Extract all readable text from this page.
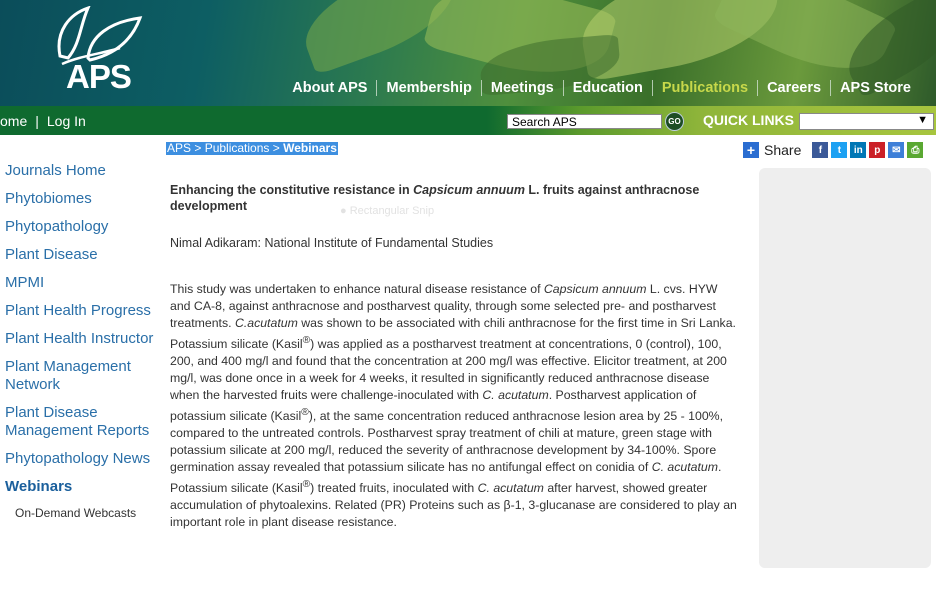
APS	About APS	Membership	Meetings	Education	Publications	Careers	APS Store
ome | Log In
Search APS	GO QUICK LINKS	▼
APS > Publications > Webinars	+ Share	f	t	in	p	✉	⎙
Journals Home
Phytobiomes
Phytopathology
Plant Disease
MPMI
Plant Health Progress
Plant Health Instructor
Plant Management Network
Plant Disease Management Reports
Phytopathology News
Webinars
On-Demand Webcasts
● Rectangular Snip
Enhancing the constitutive resistance in Capsicum annuum L. fruits against anthracnose development
Nimal Adikaram: National Institute of Fundamental Studies
This study was undertaken to enhance natural disease resistance of Capsicum annuum L. cvs. HYW and CA-8, against anthracnose and postharvest quality, through some selected pre- and postharvest treatments. C.acutatum was shown to be associated with chili anthracnose for the first time in Sri Lanka. Potassium silicate (Kasil®) was applied as a postharvest treatment at concentrations, 0 (control), 100, 200, and 400 mg/l and found that the concentration at 200 mg/l was effective. Elicitor treatment, at 200 mg/l, was done once in a week for 4 weeks, it resulted in significantly reduced anthracnose disease when the harvested fruits were challenge-inoculated with C. acutatum. Postharvest application of potassium silicate (Kasil®), at the same concentration reduced anthracnose lesion area by 25 - 100%, compared to the untreated controls. Postharvest spray treatment of chili at mature, green stage with potassium silicate at 200 mg/l, reduced the severity of anthracnose development by 34-100%. Spore germination assay revealed that potassium silicate has no antifungal effect on conidia of C. acutatum. Potassium silicate (Kasil®) treated fruits, inoculated with C. acutatum after harvest, showed greater accumulation of phytoalexins. Related (PR) Proteins such as β-1, 3-glucanase are considered to play an important role in plant disease resistance.
